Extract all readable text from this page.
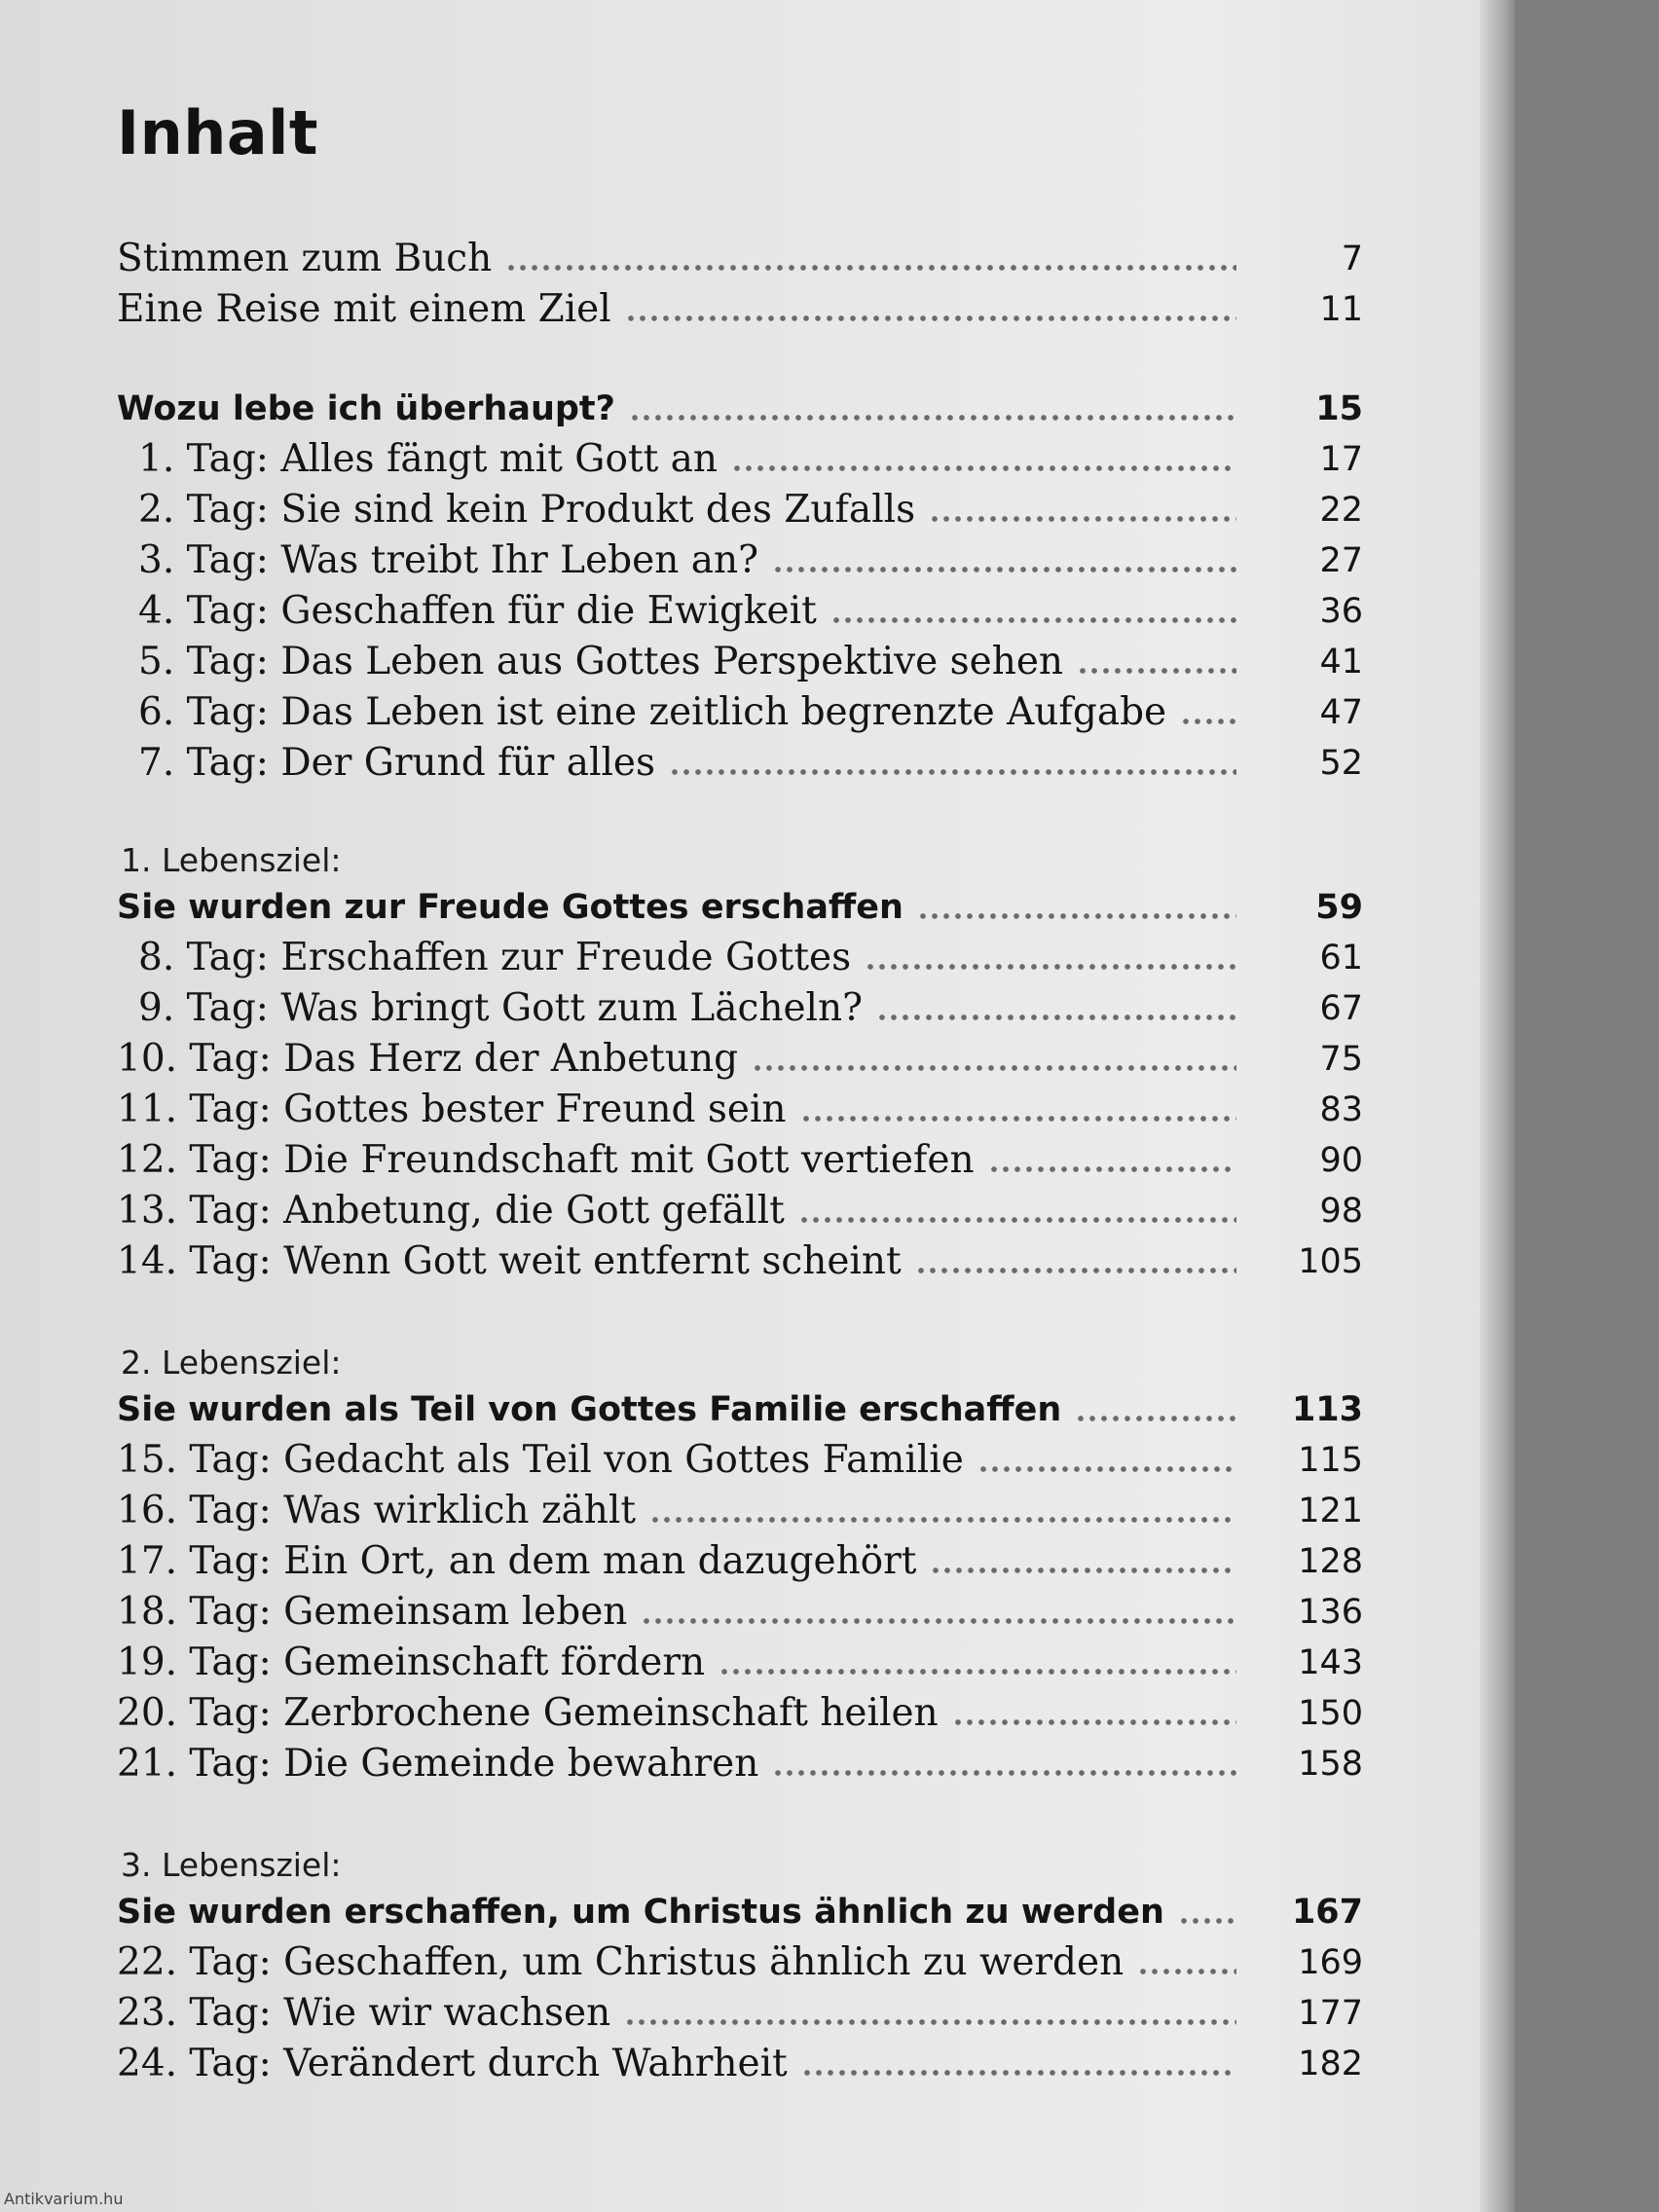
Inhalt
Stimmen zum Buch	7
Eine Reise mit einem Ziel	11
Wozu lebe ich überhaupt?	15
1. Tag: Alles fängt mit Gott an	17
2. Tag: Sie sind kein Produkt des Zufalls	22
3. Tag: Was treibt Ihr Leben an?	27
4. Tag: Geschaffen für die Ewigkeit	36
5. Tag: Das Leben aus Gottes Perspektive sehen	41
6. Tag: Das Leben ist eine zeitlich begrenzte Aufgabe	47
7. Tag: Der Grund für alles	52
1. Lebensziel:
Sie wurden zur Freude Gottes erschaffen	59
8. Tag: Erschaffen zur Freude Gottes	61
9. Tag: Was bringt Gott zum Lächeln?	67
10. Tag: Das Herz der Anbetung	75
11. Tag: Gottes bester Freund sein	83
12. Tag: Die Freundschaft mit Gott vertiefen	90
13. Tag: Anbetung, die Gott gefällt	98
14. Tag: Wenn Gott weit entfernt scheint	105
2. Lebensziel:
Sie wurden als Teil von Gottes Familie erschaffen	113
15. Tag: Gedacht als Teil von Gottes Familie	115
16. Tag: Was wirklich zählt	121
17. Tag: Ein Ort, an dem man dazugehört	128
18. Tag: Gemeinsam leben	136
19. Tag: Gemeinschaft fördern	143
20. Tag: Zerbrochene Gemeinschaft heilen	150
21. Tag: Die Gemeinde bewahren	158
3. Lebensziel:
Sie wurden erschaffen, um Christus ähnlich zu werden	167
22. Tag: Geschaffen, um Christus ähnlich zu werden	169
23. Tag: Wie wir wachsen	177
24. Tag: Verändert durch Wahrheit	182
Antikvarium.hu
